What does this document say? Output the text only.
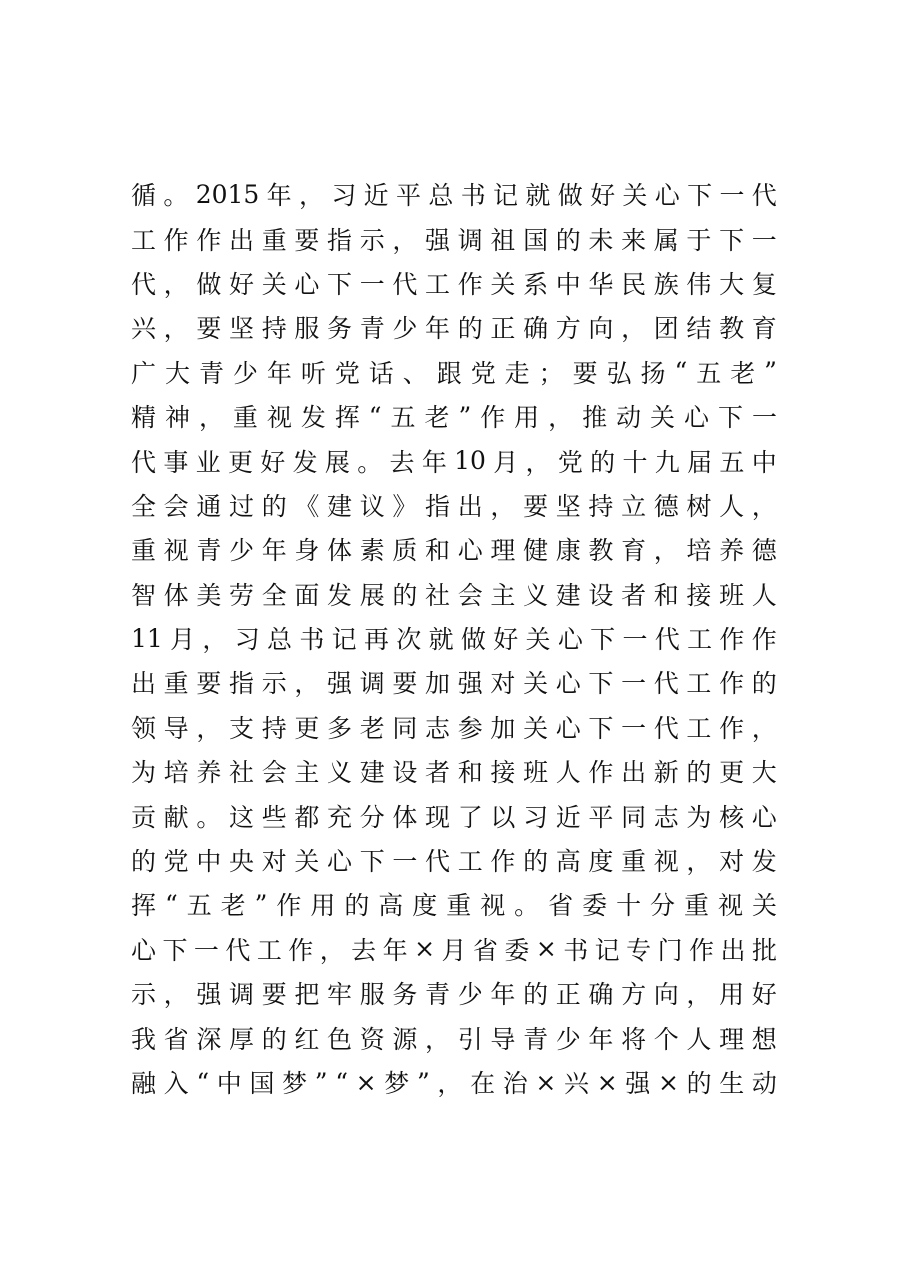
循 。 2015 年 ， 习 近 平 总 书 记 就 做 好 关 心 下 一 代
工 作 作 出 重 要 指 示 ， 强 调 祖 国 的 未 来 属 于 下 一
代 ， 做 好 关 心 下 一 代 工 作 关 系 中 华 民 族 伟 大 复
兴 ， 要 坚 持 服 务 青 少 年 的 正 确 方 向 ， 团 结 教 育
广 大 青 少 年 听 党 话 、 跟 党 走 ； 要 弘 扬 “ 五 老 ”
精 神 ， 重 视 发 挥 “ 五 老 ” 作 用 ， 推 动 关 心 下 一
代 事 业 更 好 发 展 。 去 年 10 月 ， 党 的 十 九 届 五 中
全 会 通 过 的 《 建 议 》 指 出 ， 要 坚 持 立 德 树 人 ，
重 视 青 少 年 身 体 素 质 和 心 理 健 康 教 育 ， 培 养 德
智 体 美 劳 全 面 发 展 的 社 会 主 义 建 设 者 和 接 班 人
11 月 ， 习 总 书 记 再 次 就 做 好 关 心 下 一 代 工 作 作
出 重 要 指 示 ， 强 调 要 加 强 对 关 心 下 一 代 工 作 的
领 导 ， 支 持 更 多 老 同 志 参 加 关 心 下 一 代 工 作 ，
为 培 养 社 会 主 义 建 设 者 和 接 班 人 作 出 新 的 更 大
贡 献 。 这 些 都 充 分 体 现 了 以 习 近 平 同 志 为 核 心
的 党 中 央 对 关 心 下 一 代 工 作 的 高 度 重 视 ， 对 发
挥 “ 五 老 ” 作 用 的 高 度 重 视 。 省 委 十 分 重 视 关
心 下 一 代 工 作 ， 去 年 × 月 省 委 × 书 记 专 门 作 出 批
示 ， 强 调 要 把 牢 服 务 青 少 年 的 正 确 方 向 ， 用 好
我 省 深 厚 的 红 色 资 源 ， 引 导 青 少 年 将 个 人 理 想
融 入 “ 中 国 梦 ” “ × 梦 ” ， 在 治 × 兴 × 强 × 的 生 动
